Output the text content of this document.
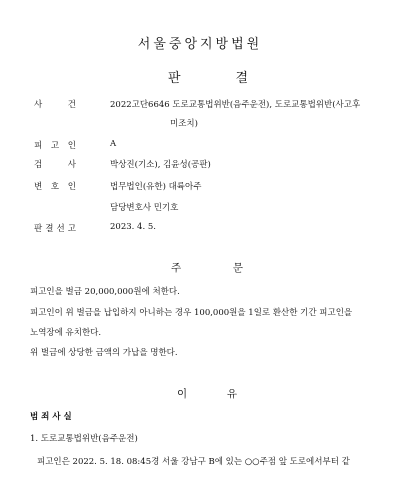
서울중앙지방법원
판	결
사	건	2022고단6646 도로교통법위반(음주운전), 도로교통법위반(사고후
미조치)
피 고 인	A
검	사	박상진(기소), 김윤성(공판)
변 호 인	법무법인(유한) 대륙아주
담당변호사 민기호
판 결 선 고	2023. 4. 5.
주	문
피고인을 벌금 20,000,000원에 처한다.
피고인이 위 벌금을 납입하지 아니하는 경우 100,000원을 1일로 환산한 기간 피고인을
노역장에 유치한다.
위 벌금에 상당한 금액의 가납을 명한다.
이	유
범 죄 사 실
1. 도로교통법위반(음주운전)
피고인은 2022. 5. 18. 08:45경 서울 강남구 B에 있는 ○○주점 앞 도로에서부터 같
